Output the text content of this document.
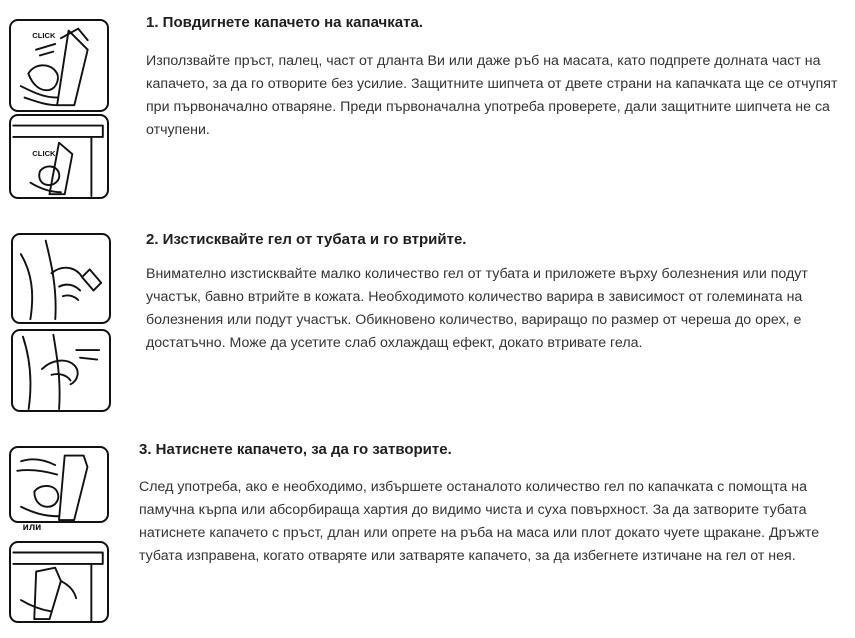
CLICK
CLICK
1. Повдигнете капачето на капачката.

Използвайте пръст, палец, част от дланта Ви или даже ръб на масата, като подпрете долната част на капачето, за да го отворите без усилие. Защитните шипчета от двете страни на капачката ще се отчупят при първоначално отваряне. Преди първоначална употреба проверете, дали защитните шипчета не са отчупени.

2. Изстисквайте гел от тубата и го втрийте.

Внимателно изстисквайте малко количество гел от тубата и приложете върху болезнения или подут участък, бавно втрийте в кожата. Необходимото количество варира в зависимост от големината на болезнения или подут участък. Обикновено количество, вариращо по размер от череша до орех, е достатъчно. Може да усетите слаб охлаждащ ефект, докато втривате гела.

или
3. Натиснете капачето, за да го затворите.

След употреба, ако е необходимо, избършете останалото количество гел по капачката с помощта на памучна кърпа или абсорбираща хартия до видимо чиста и суха повърхност. За да затворите тубата натиснете капачето с пръст, длан или опрете на ръба на маса или плот докато чуете щракане. Дръжте тубата изправена, когато отваряте или затваряте капачето, за да избегнете изтичане на гел от нея.
